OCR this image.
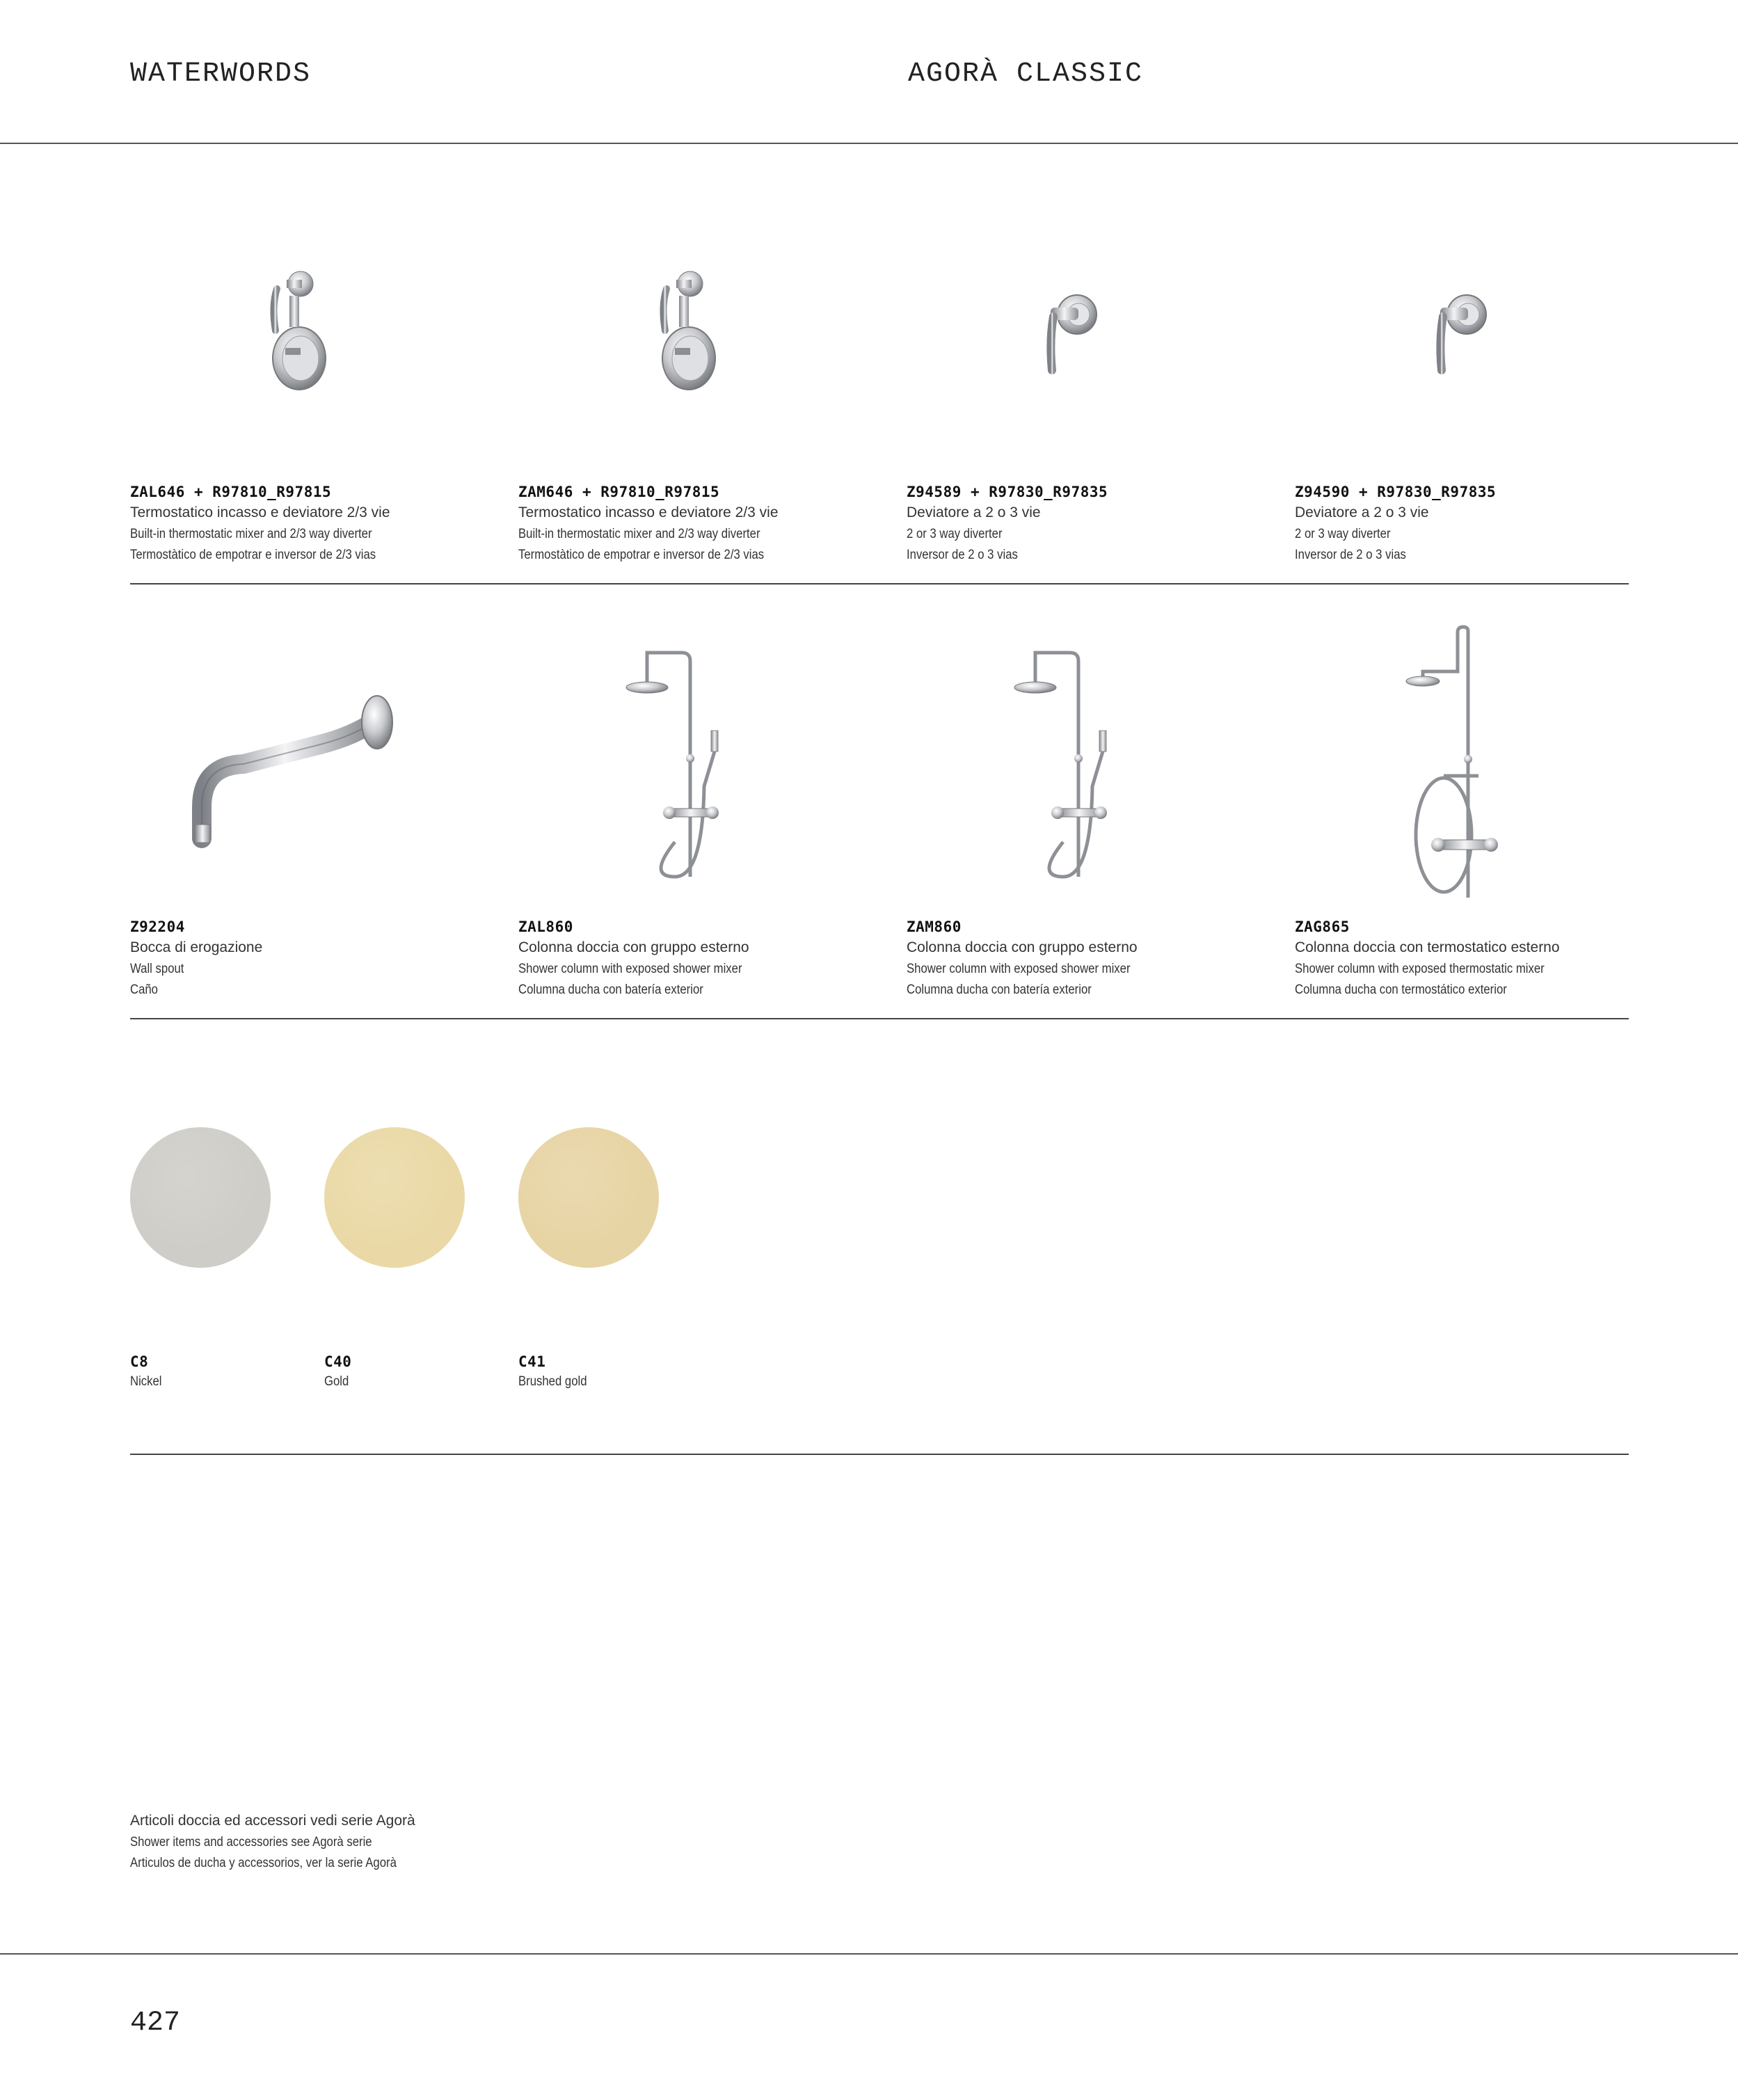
WATERWORDS	AGORÀ CLASSIC
ZAL646 + R97810_R97815
Termostatico incasso e deviatore 2/3 vie
Built-in thermostatic mixer and 2/3 way diverter
Termostàtico de empotrar e inversor de 2/3 vias
ZAM646 + R97810_R97815
Termostatico incasso e deviatore 2/3 vie
Built-in thermostatic mixer and 2/3 way diverter
Termostàtico de empotrar e inversor de 2/3 vias
Z94589 + R97830_R97835
Deviatore a 2 o 3 vie
2 or 3 way diverter
Inversor de 2 o 3 vias
Z94590 + R97830_R97835
Deviatore a 2 o 3 vie
2 or 3 way diverter
Inversor de 2 o 3 vias
Z92204
Bocca di erogazione
Wall spout
Caño
ZAL860
Colonna doccia con gruppo esterno
Shower column with exposed shower mixer
Columna ducha con batería exterior
ZAM860
Colonna doccia con gruppo esterno
Shower column with exposed shower mixer
Columna ducha con batería exterior
ZAG865
Colonna doccia con termostatico esterno
Shower column with exposed thermostatic mixer
Columna ducha con termostático exterior
C8
Nickel
C40
Gold
C41
Brushed gold
Articoli doccia ed accessori vedi serie Agorà
Shower items and accessories see Agorà serie
Articulos de ducha y accessorios, ver la serie Agorà
427
